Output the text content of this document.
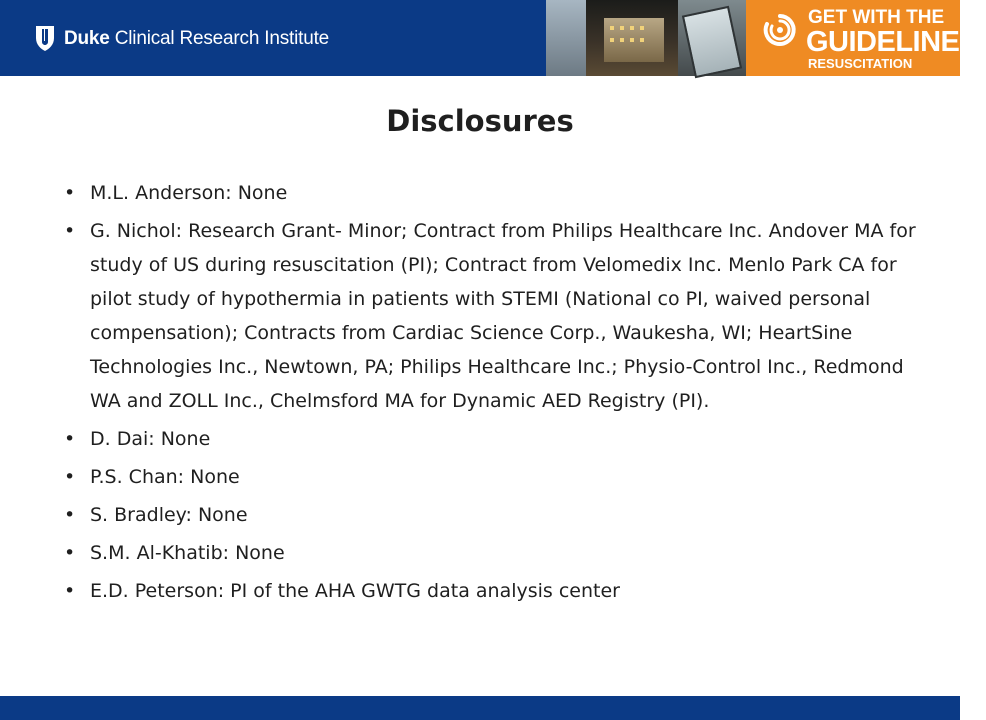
Duke Clinical Research Institute
GET WITH THE
GUIDELINES.
RESUSCITATION
Disclosures
• M.L. Anderson: None
• G. Nichol: Research Grant- Minor; Contract from Philips Healthcare Inc. Andover MA for study of US during resuscitation (PI); Contract from Velomedix Inc. Menlo Park CA for pilot study of hypothermia in patients with STEMI (National co PI, waived personal compensation); Contracts from Cardiac Science Corp., Waukesha, WI; HeartSine Technologies Inc., Newtown, PA; Philips Healthcare Inc.; Physio-Control Inc., Redmond WA and ZOLL Inc., Chelmsford MA for Dynamic AED Registry (PI).
• D. Dai: None
• P.S. Chan: None
• S. Bradley: None
• S.M. Al-Khatib: None
• E.D. Peterson: PI of the AHA GWTG data analysis center
